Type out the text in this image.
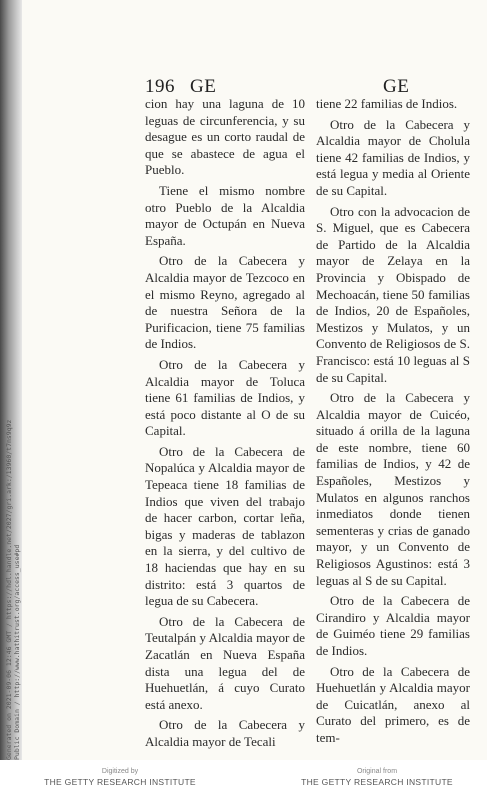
196 GE	GE

cion hay una laguna de 10 leguas de circunferencia, y su desague es un corto raudal de que se abastece de agua el Pueblo.

Tiene el mismo nombre otro Pueblo de la Alcaldia mayor de Octupán en Nueva España.

Otro de la Cabecera y Alcaldia mayor de Tezcoco en el mismo Reyno, agregado al de nuestra Señora de la Purificacion, tiene 75 familias de Indios.

Otro de la Cabecera y Alcaldia mayor de Toluca tiene 61 familias de Indios, y está poco distante al O de su Capital.

Otro de la Cabecera de Nopalúca y Alcaldia mayor de Tepeaca tiene 18 familias de Indios que viven del trabajo de hacer carbon, cortar leña, bigas y maderas de tablazon en la sierra, y del cultivo de 18 haciendas que hay en su distrito: está 3 quartos de legua de su Cabecera.

Otro de la Cabecera de Teutalpán y Alcaldia mayor de Zacatlán en Nueva España dista una legua del de Huehuetlán, á cuyo Curato está anexo.

Otro de la Cabecera y Alcaldia mayor de Tecali

tiene 22 familias de Indios.

Otro de la Cabecera y Alcaldia mayor de Cholula tiene 42 familias de Indios, y está legua y media al Oriente de su Capital.

Otro con la advocacion de S. Miguel, que es Cabecera de Partido de la Alcaldia mayor de Zelaya en la Provincia y Obispado de Mechoacán, tiene 50 familias de Indios, 20 de Españoles, Mestizos y Mulatos, y un Convento de Religiosos de S. Francisco: está 10 leguas al S de su Capital.

Otro de la Cabecera y Alcaldia mayor de Cuicéo, situado á orilla de la laguna de este nombre, tiene 60 familias de Indios, y 42 de Españoles, Mestizos y Mulatos en algunos ranchos inmediatos donde tienen sementeras y crias de ganado mayor, y un Convento de Religiosos Agustinos: está 3 leguas al S de su Capital.

Otro de la Cabecera de Cirandiro y Alcaldia mayor de Guiméo tiene 29 familias de Indios.

Otro de la Cabecera de Huehuetlán y Alcaldia mayor de Cuicatlán, anexo al Curato del primero, es de tem-

Generated on 2021-09-06 12:46 GMT / https://hdl.handle.net/2027/gri.ark:/13960/t7ns9q9z Public Domain / http://www.hathitrust.org/access_use#pd
Digitized by
THE GETTY RESEARCH INSTITUTE
Original from
THE GETTY RESEARCH INSTITUTE
